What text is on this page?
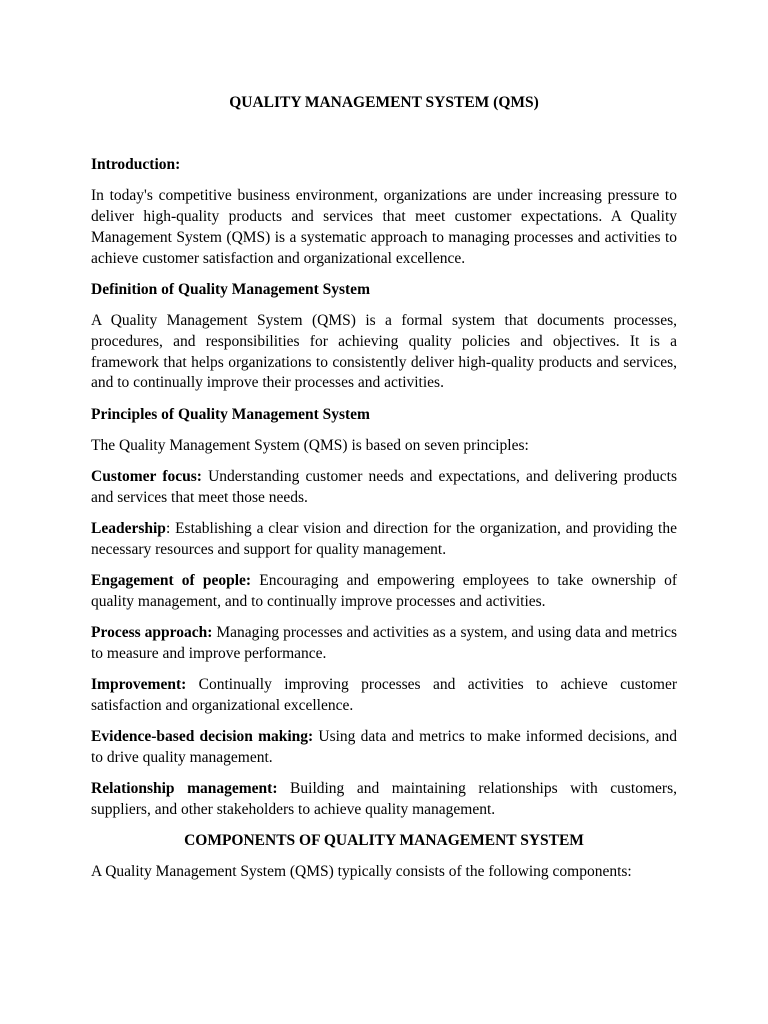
QUALITY MANAGEMENT SYSTEM (QMS)
Introduction:

In today's competitive business environment, organizations are under increasing pressure to deliver high-quality products and services that meet customer expectations. A Quality Management System (QMS) is a systematic approach to managing processes and activities to achieve customer satisfaction and organizational excellence.

Definition of Quality Management System

A Quality Management System (QMS) is a formal system that documents processes, procedures, and responsibilities for achieving quality policies and objectives. It is a framework that helps organizations to consistently deliver high-quality products and services, and to continually improve their processes and activities.

Principles of Quality Management System

The Quality Management System (QMS) is based on seven principles:

Customer focus: Understanding customer needs and expectations, and delivering products and services that meet those needs.

Leadership: Establishing a clear vision and direction for the organization, and providing the necessary resources and support for quality management.

Engagement of people: Encouraging and empowering employees to take ownership of quality management, and to continually improve processes and activities.

Process approach: Managing processes and activities as a system, and using data and metrics to measure and improve performance.

Improvement: Continually improving processes and activities to achieve customer satisfaction and organizational excellence.

Evidence-based decision making: Using data and metrics to make informed decisions, and to drive quality management.

Relationship management: Building and maintaining relationships with customers, suppliers, and other stakeholders to achieve quality management.

COMPONENTS OF QUALITY MANAGEMENT SYSTEM

A Quality Management System (QMS) typically consists of the following components:
